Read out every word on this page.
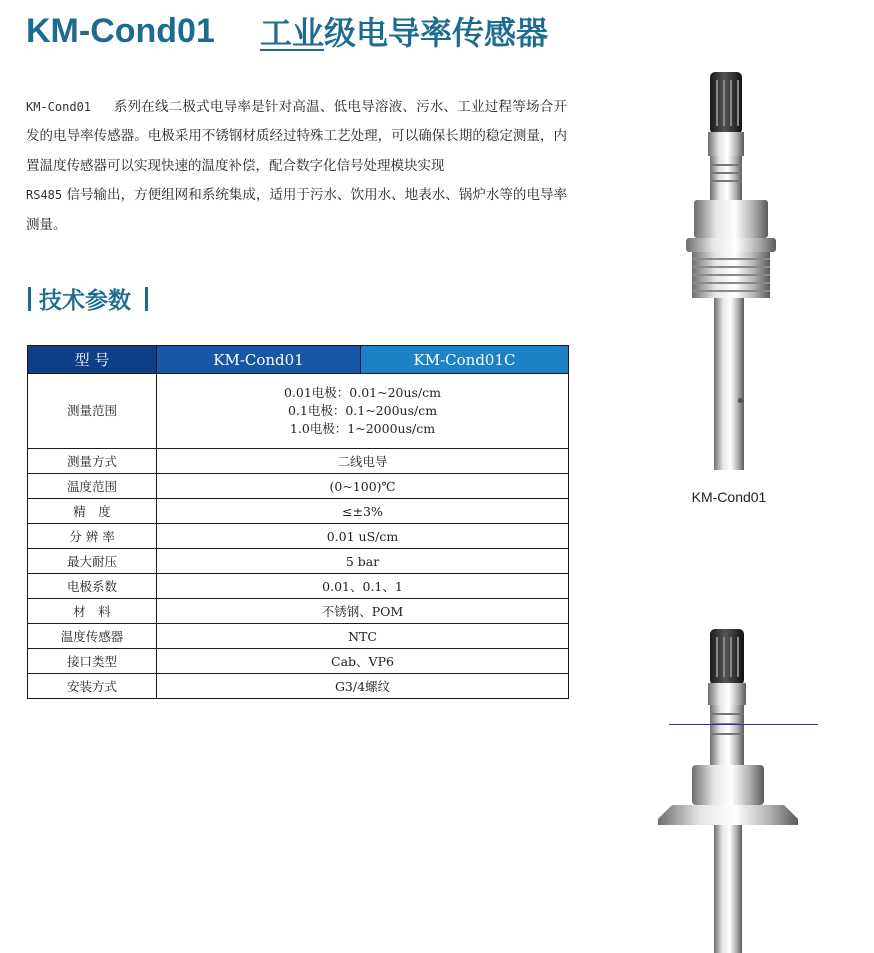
KM-Cond01 工业级电导率传感器
KM-Cond01 系列在线二极式电导率是针对高温、低电导溶液、污水、工业过程等场合开发的电导率传感器。电极采用不锈钢材质经过特殊工艺处理，可以确保长期的稳定测量，内置温度传感器可以实现快速的温度补偿，配合数字化信号处理模块实现
RS485 信号输出，方便组网和系统集成，适用于污水、饮用水、地表水、锅炉水等的电导率测量。
技术参数
型 号	KM-Cond01	KM-Cond01C
测量范围	0.01电极：0.01~20us/cm
0.1电极：0.1~200us/cm
1.0电极：1~2000us/cm	

测量方式	二线电导	
温度范围	(0~100)℃	
精　度	≤±3%	
分 辨 率	0.01 uS/cm	
最大耐压	5 bar	
电极系数	0.01、0.1、1	
材　料	不锈钢、POM	
温度传感器	NTC	
接口类型	Cab、VP6	
安装方式	G3/4螺纹	
KM-Cond01
